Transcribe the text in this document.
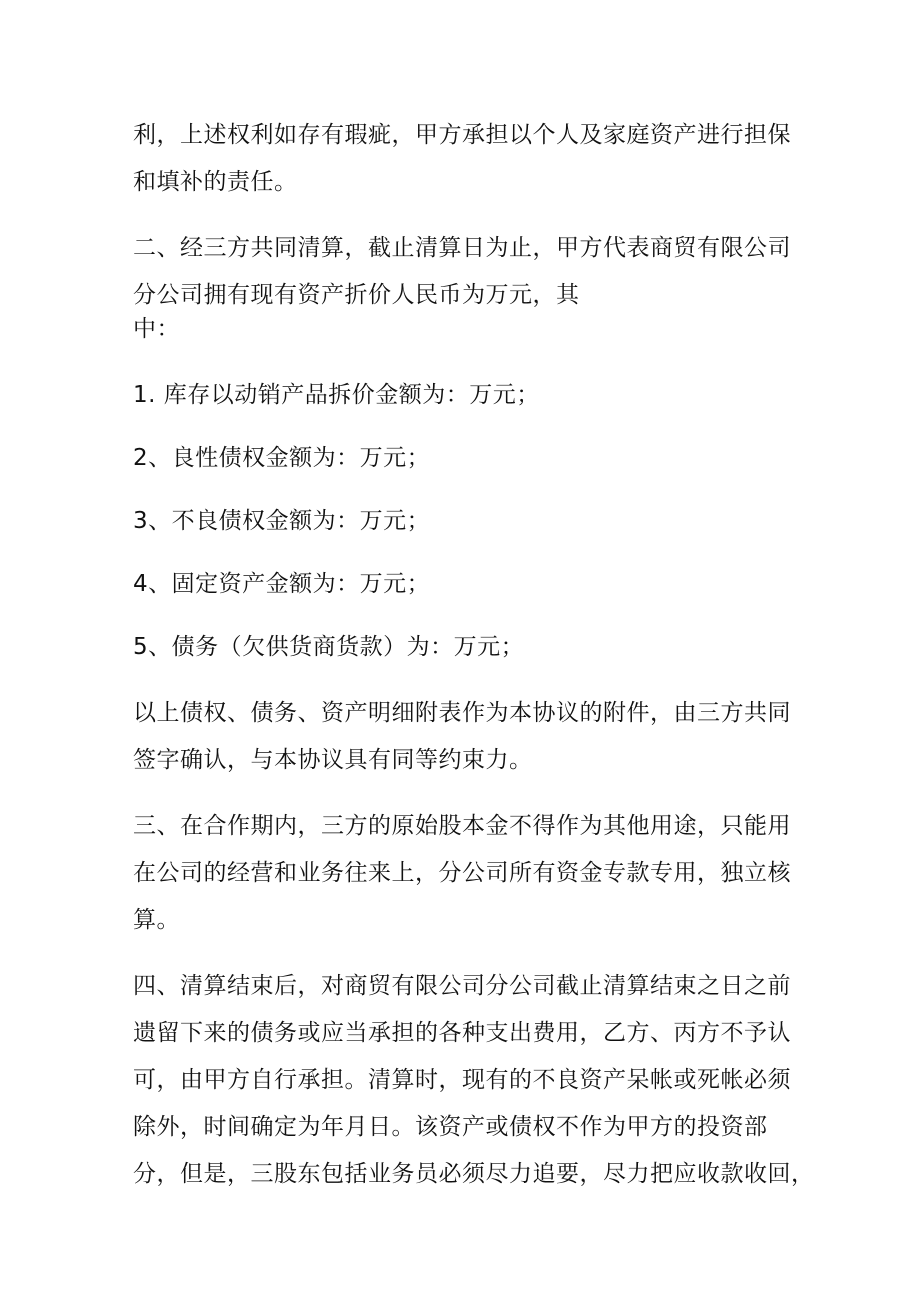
利，上述权利如存有瑕疵，甲方承担以个人及家庭资产进行担保
和填补的责任。
二、经三方共同清算，截止清算日为止，甲方代表商贸有限公司
分公司拥有现有资产折价人民币为万元，其
中：
1. 库存以动销产品拆价金额为：万元；
2、良性债权金额为：万元；
3、不良债权金额为：万元；
4、固定资产金额为：万元；
5、债务（欠供货商货款）为：万元；
以上债权、债务、资产明细附表作为本协议的附件，由三方共同
签字确认，与本协议具有同等约束力。
三、在合作期内，三方的原始股本金不得作为其他用途，只能用
在公司的经营和业务往来上，分公司所有资金专款专用，独立核
算。
四、清算结束后，对商贸有限公司分公司截止清算结束之日之前
遗留下来的债务或应当承担的各种支出费用，乙方、丙方不予认
可，由甲方自行承担。清算时，现有的不良资产呆帐或死帐必须
除外，时间确定为年月日。该资产或债权不作为甲方的投资部
分，但是，三股东包括业务员必须尽力追要，尽力把应收款收回，
